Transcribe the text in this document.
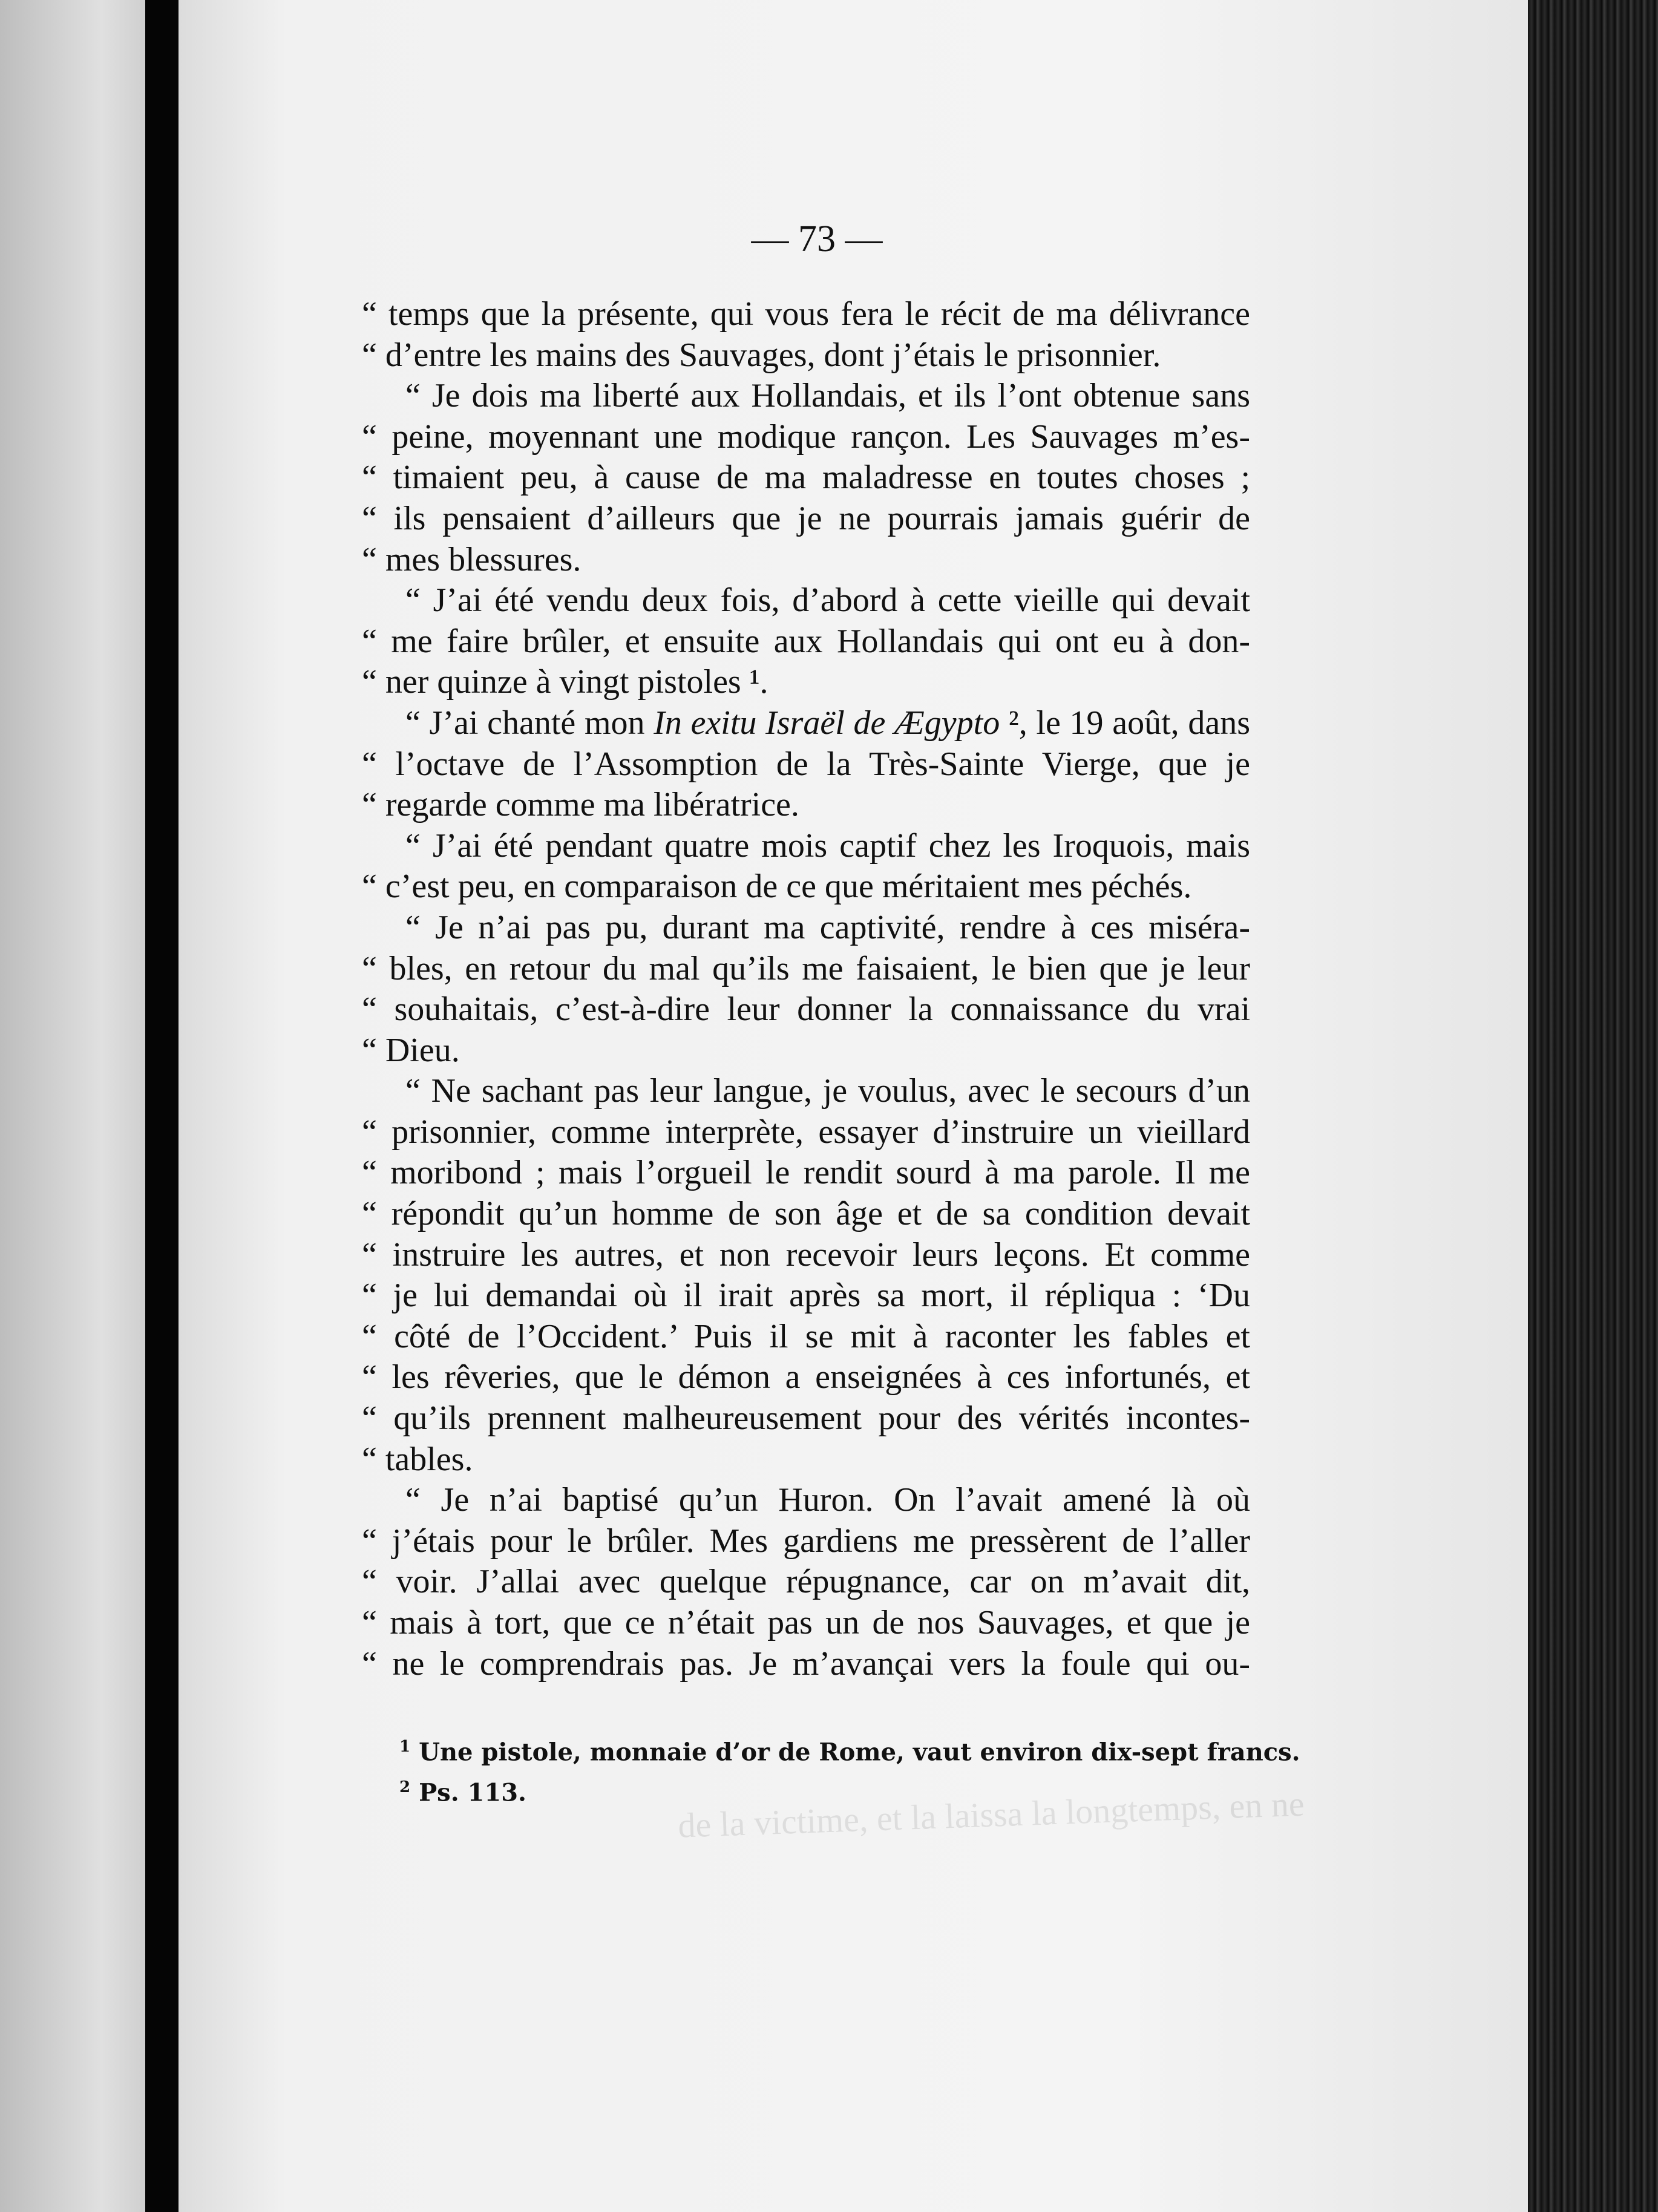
de la victime, et la laissa la longtemps, en ne
— 73 —
“ temps que la présente, qui vous fera le récit de ma délivrance
“ d’entre les mains des Sauvages, dont j’étais le prisonnier.
“ Je dois ma liberté aux Hollandais, et ils l’ont obtenue sans
“ peine, moyennant une modique rançon. Les Sauvages m’es-
“ timaient peu, à cause de ma maladresse en toutes choses ;
“ ils pensaient d’ailleurs que je ne pourrais jamais guérir de
“ mes blessures.
“ J’ai été vendu deux fois, d’abord à cette vieille qui devait
“ me faire brûler, et ensuite aux Hollandais qui ont eu à don-
“ ner quinze à vingt pistoles ¹.
“ J’ai chanté mon In exitu Israël de Ægypto ², le 19 août, dans
“ l’octave de l’Assomption de la Très-Sainte Vierge, que je
“ regarde comme ma libératrice.
“ J’ai été pendant quatre mois captif chez les Iroquois, mais
“ c’est peu, en comparaison de ce que méritaient mes péchés.
“ Je n’ai pas pu, durant ma captivité, rendre à ces miséra-
“ bles, en retour du mal qu’ils me faisaient, le bien que je leur
“ souhaitais, c’est-à-dire leur donner la connaissance du vrai
“ Dieu.
“ Ne sachant pas leur langue, je voulus, avec le secours d’un
“ prisonnier, comme interprète, essayer d’instruire un vieillard
“ moribond ; mais l’orgueil le rendit sourd à ma parole. Il me
“ répondit qu’un homme de son âge et de sa condition devait
“ instruire les autres, et non recevoir leurs leçons. Et comme
“ je lui demandai où il irait après sa mort, il répliqua : ‘Du
“ côté de l’Occident.’ Puis il se mit à raconter les fables et
“ les rêveries, que le démon a enseignées à ces infortunés, et
“ qu’ils prennent malheureusement pour des vérités incontes-
“ tables.
“ Je n’ai baptisé qu’un Huron. On l’avait amené là où
“ j’étais pour le brûler. Mes gardiens me pressèrent de l’aller
“ voir. J’allai avec quelque répugnance, car on m’avait dit,
“ mais à tort, que ce n’était pas un de nos Sauvages, et que je
“ ne le comprendrais pas. Je m’avançai vers la foule qui ou-
$^1$ Une pistole, monnaie d’or de Rome, vaut environ dix-sept francs.
$^2$ Ps. 113.
